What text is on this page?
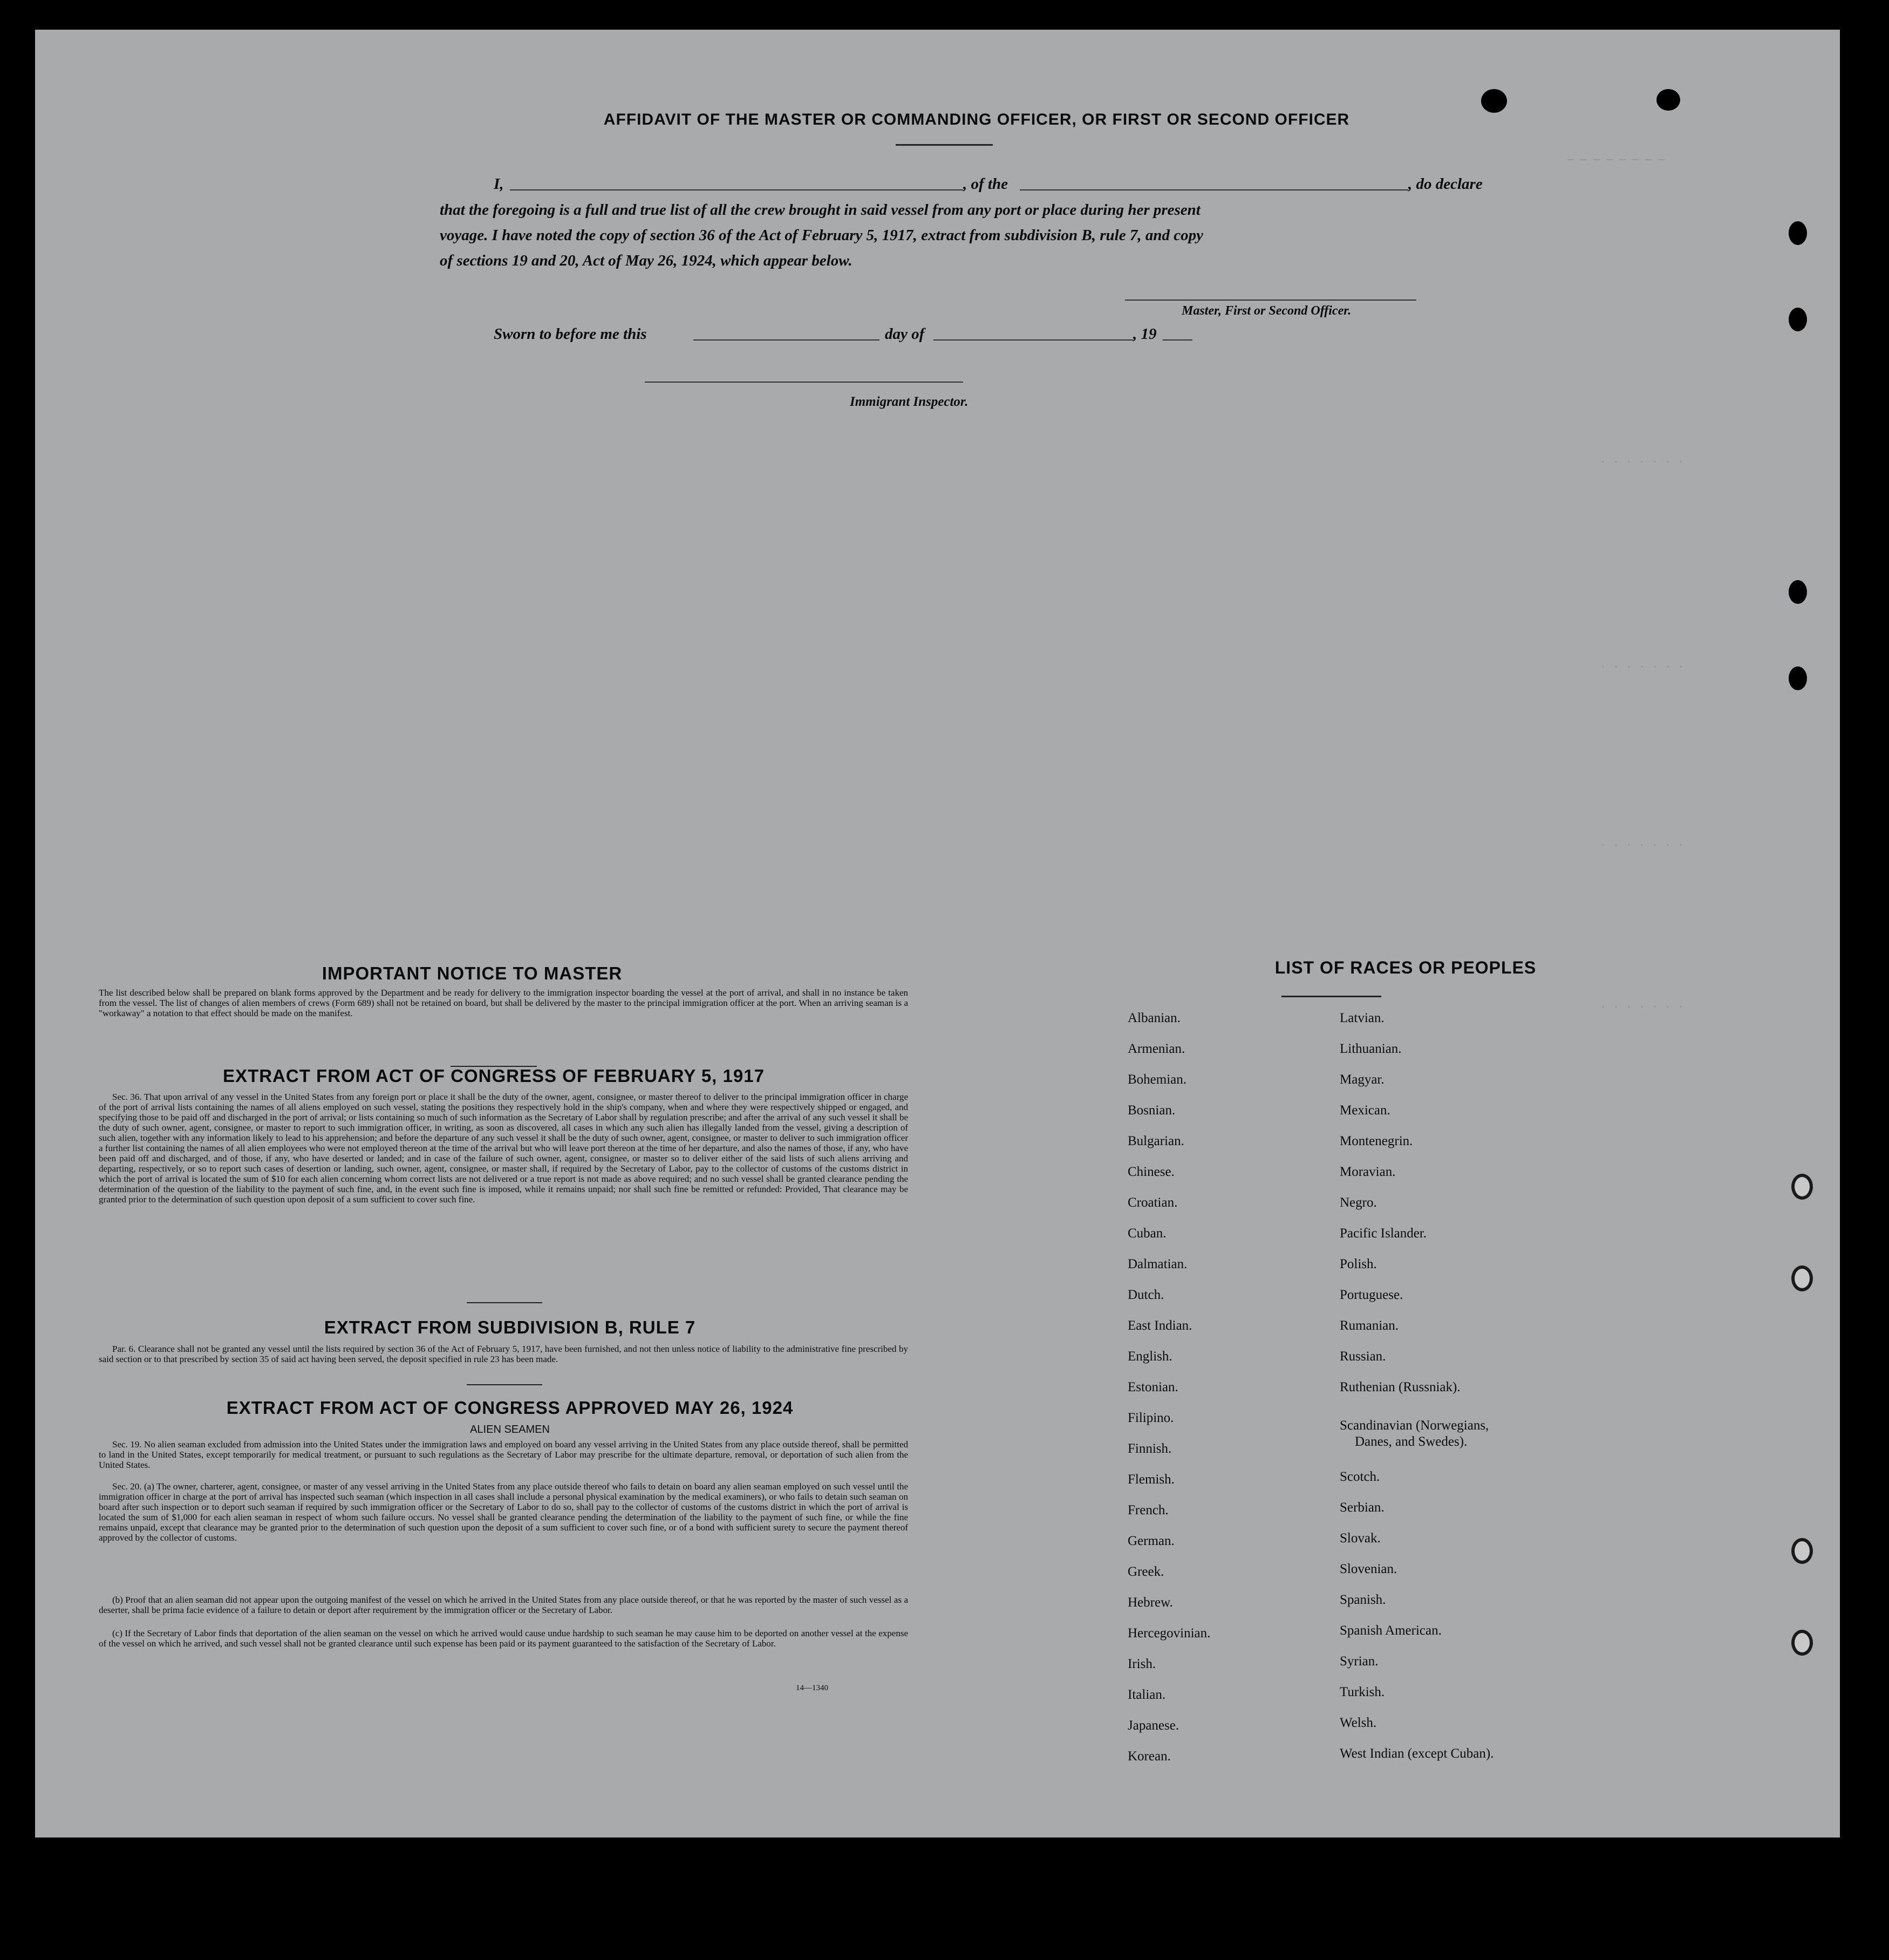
— — — — — — — —
· · · · · · ·
· · · · · · ·
· · · · · · ·
· · · · · · ·
AFFIDAVIT OF THE MASTER OR COMMANDING OFFICER, OR FIRST OR SECOND OFFICER
I,	, of the	, do declare
that the foregoing is a full and true list of all the crew brought in said vessel from any port or place during her present
voyage. I have noted the copy of section 36 of the Act of February 5, 1917, extract from subdivision B, rule 7, and copy
of sections 19 and 20, Act of May 26, 1924, which appear below.
Master, First or Second Officer.
Sworn to before me this	day of	, 19
Immigrant Inspector.
IMPORTANT NOTICE TO MASTER
The list described below shall be prepared on blank forms approved by the Department and be ready for delivery to the immigration inspector boarding the vessel at the port of arrival, and shall in no instance be taken from the vessel. The list of changes of alien members of crews (Form 689) shall not be retained on board, but shall be delivered by the master to the principal immigration officer at the port. When an arriving seaman is a "workaway" a notation to that effect should be made on the manifest.
EXTRACT FROM ACT OF CONGRESS OF FEBRUARY 5, 1917
Sec. 36. That upon arrival of any vessel in the United States from any foreign port or place it shall be the duty of the owner, agent, consignee, or master thereof to deliver to the principal immigration officer in charge of the port of arrival lists containing the names of all aliens employed on such vessel, stating the positions they respectively hold in the ship's company, when and where they were respectively shipped or engaged, and specifying those to be paid off and discharged in the port of arrival; or lists containing so much of such information as the Secretary of Labor shall by regulation prescribe; and after the arrival of any such vessel it shall be the duty of such owner, agent, consignee, or master to report to such immigration officer, in writing, as soon as discovered, all cases in which any such alien has illegally landed from the vessel, giving a description of such alien, together with any information likely to lead to his apprehension; and before the departure of any such vessel it shall be the duty of such owner, agent, consignee, or master to deliver to such immigration officer a further list containing the names of all alien employees who were not employed thereon at the time of the arrival but who will leave port thereon at the time of her departure, and also the names of those, if any, who have been paid off and discharged, and of those, if any, who have deserted or landed; and in case of the failure of such owner, agent, consignee, or master so to deliver either of the said lists of such aliens arriving and departing, respectively, or so to report such cases of desertion or landing, such owner, agent, consignee, or master shall, if required by the Secretary of Labor, pay to the collector of customs of the customs district in which the port of arrival is located the sum of $10 for each alien concerning whom correct lists are not delivered or a true report is not made as above required; and no such vessel shall be granted clearance pending the determination of the question of the liability to the payment of such fine, and, in the event such fine is imposed, while it remains unpaid; nor shall such fine be remitted or refunded: Provided, That clearance may be granted prior to the determination of such question upon deposit of a sum sufficient to cover such fine.
EXTRACT FROM SUBDIVISION B, RULE 7
Par. 6. Clearance shall not be granted any vessel until the lists required by section 36 of the Act of February 5, 1917, have been furnished, and not then unless notice of liability to the administrative fine prescribed by said section or to that prescribed by section 35 of said act having been served, the deposit specified in rule 23 has been made.
EXTRACT FROM ACT OF CONGRESS APPROVED MAY 26, 1924
ALIEN SEAMEN
Sec. 19. No alien seaman excluded from admission into the United States under the immigration laws and employed on board any vessel arriving in the United States from any place outside thereof, shall be permitted to land in the United States, except temporarily for medical treatment, or pursuant to such regulations as the Secretary of Labor may prescribe for the ultimate departure, removal, or deportation of such alien from the United States.
Sec. 20. (a) The owner, charterer, agent, consignee, or master of any vessel arriving in the United States from any place outside thereof who fails to detain on board any alien seaman employed on such vessel until the immigration officer in charge at the port of arrival has inspected such seaman (which inspection in all cases shall include a personal physical examination by the medical examiners), or who fails to detain such seaman on board after such inspection or to deport such seaman if required by such immigration officer or the Secretary of Labor to do so, shall pay to the collector of customs of the customs district in which the port of arrival is located the sum of $1,000 for each alien seaman in respect of whom such failure occurs. No vessel shall be granted clearance pending the determination of the liability to the payment of such fine, or while the fine remains unpaid, except that clearance may be granted prior to the determination of such question upon the deposit of a sum sufficient to cover such fine, or of a bond with sufficient surety to secure the payment thereof approved by the collector of customs.
(b) Proof that an alien seaman did not appear upon the outgoing manifest of the vessel on which he arrived in the United States from any place outside thereof, or that he was reported by the master of such vessel as a deserter, shall be prima facie evidence of a failure to detain or deport after requirement by the immigration officer or the Secretary of Labor.
(c) If the Secretary of Labor finds that deportation of the alien seaman on the vessel on which he arrived would cause undue hardship to such seaman he may cause him to be deported on another vessel at the expense of the vessel on which he arrived, and such vessel shall not be granted clearance until such expense has been paid or its payment guaranteed to the satisfaction of the Secretary of Labor.
14—1340
LIST OF RACES OR PEOPLES
Albanian.
Armenian.
Bohemian.
Bosnian.
Bulgarian.
Chinese.
Croatian.
Cuban.
Dalmatian.
Dutch.
East Indian.
English.
Estonian.
Filipino.
Finnish.
Flemish.
French.
German.
Greek.
Hebrew.
Hercegovinian.
Irish.
Italian.
Japanese.
Korean.
Latvian.
Lithuanian.
Magyar.
Mexican.
Montenegrin.
Moravian.
Negro.
Pacific Islander.
Polish.
Portuguese.
Rumanian.
Russian.
Ruthenian (Russniak).
Scandinavian (Norwegians,
Danes, and Swedes).
Scotch.
Serbian.
Slovak.
Slovenian.
Spanish.
Spanish American.
Syrian.
Turkish.
Welsh.
West Indian (except Cuban).
